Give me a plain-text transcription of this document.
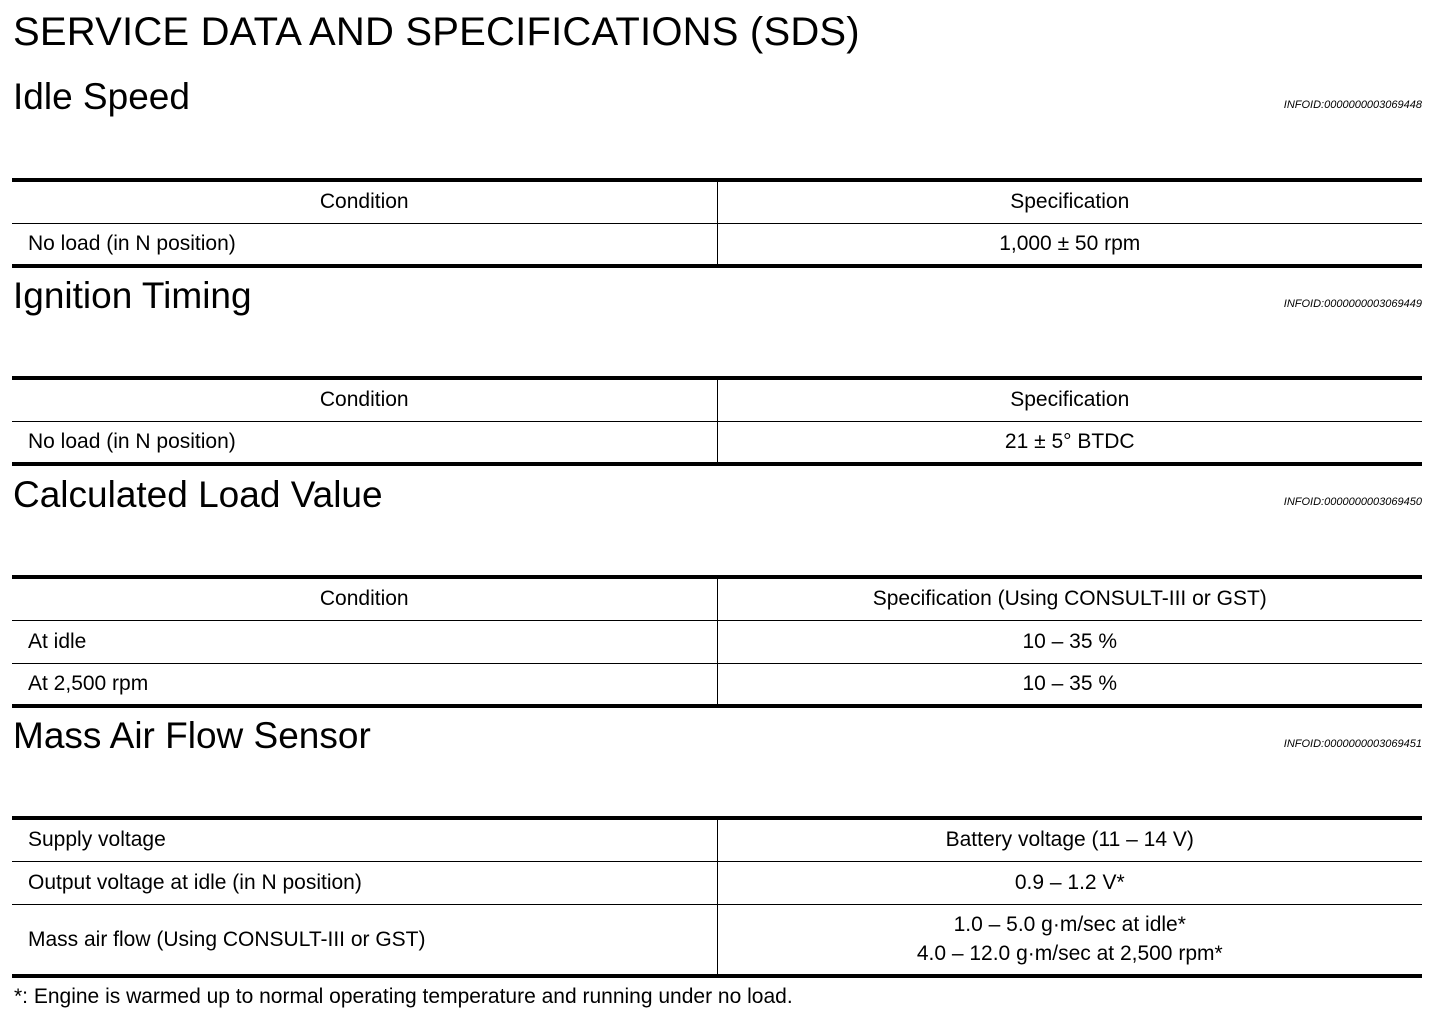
SERVICE DATA AND SPECIFICATIONS (SDS)
Idle Speed	INFOID:0000000003069448
Condition	Specification
No load (in N position)	1,000 ± 50 rpm
Ignition Timing	INFOID:0000000003069449
Condition	Specification
No load (in N position)	21 ± 5° BTDC
Calculated Load Value	INFOID:0000000003069450
Condition	Specification (Using CONSULT-III or GST)
At idle	10 – 35 %
At 2,500 rpm	10 – 35 %
Mass Air Flow Sensor	INFOID:0000000003069451
Supply voltage	Battery voltage (11 – 14 V)
Output voltage at idle (in N position)	0.9 – 1.2 V*
Mass air flow (Using CONSULT-III or GST)	1.0 – 5.0 g·m/sec at idle*
4.0 – 12.0 g·m/sec at 2,500 rpm*
*: Engine is warmed up to normal operating temperature and running under no load.
